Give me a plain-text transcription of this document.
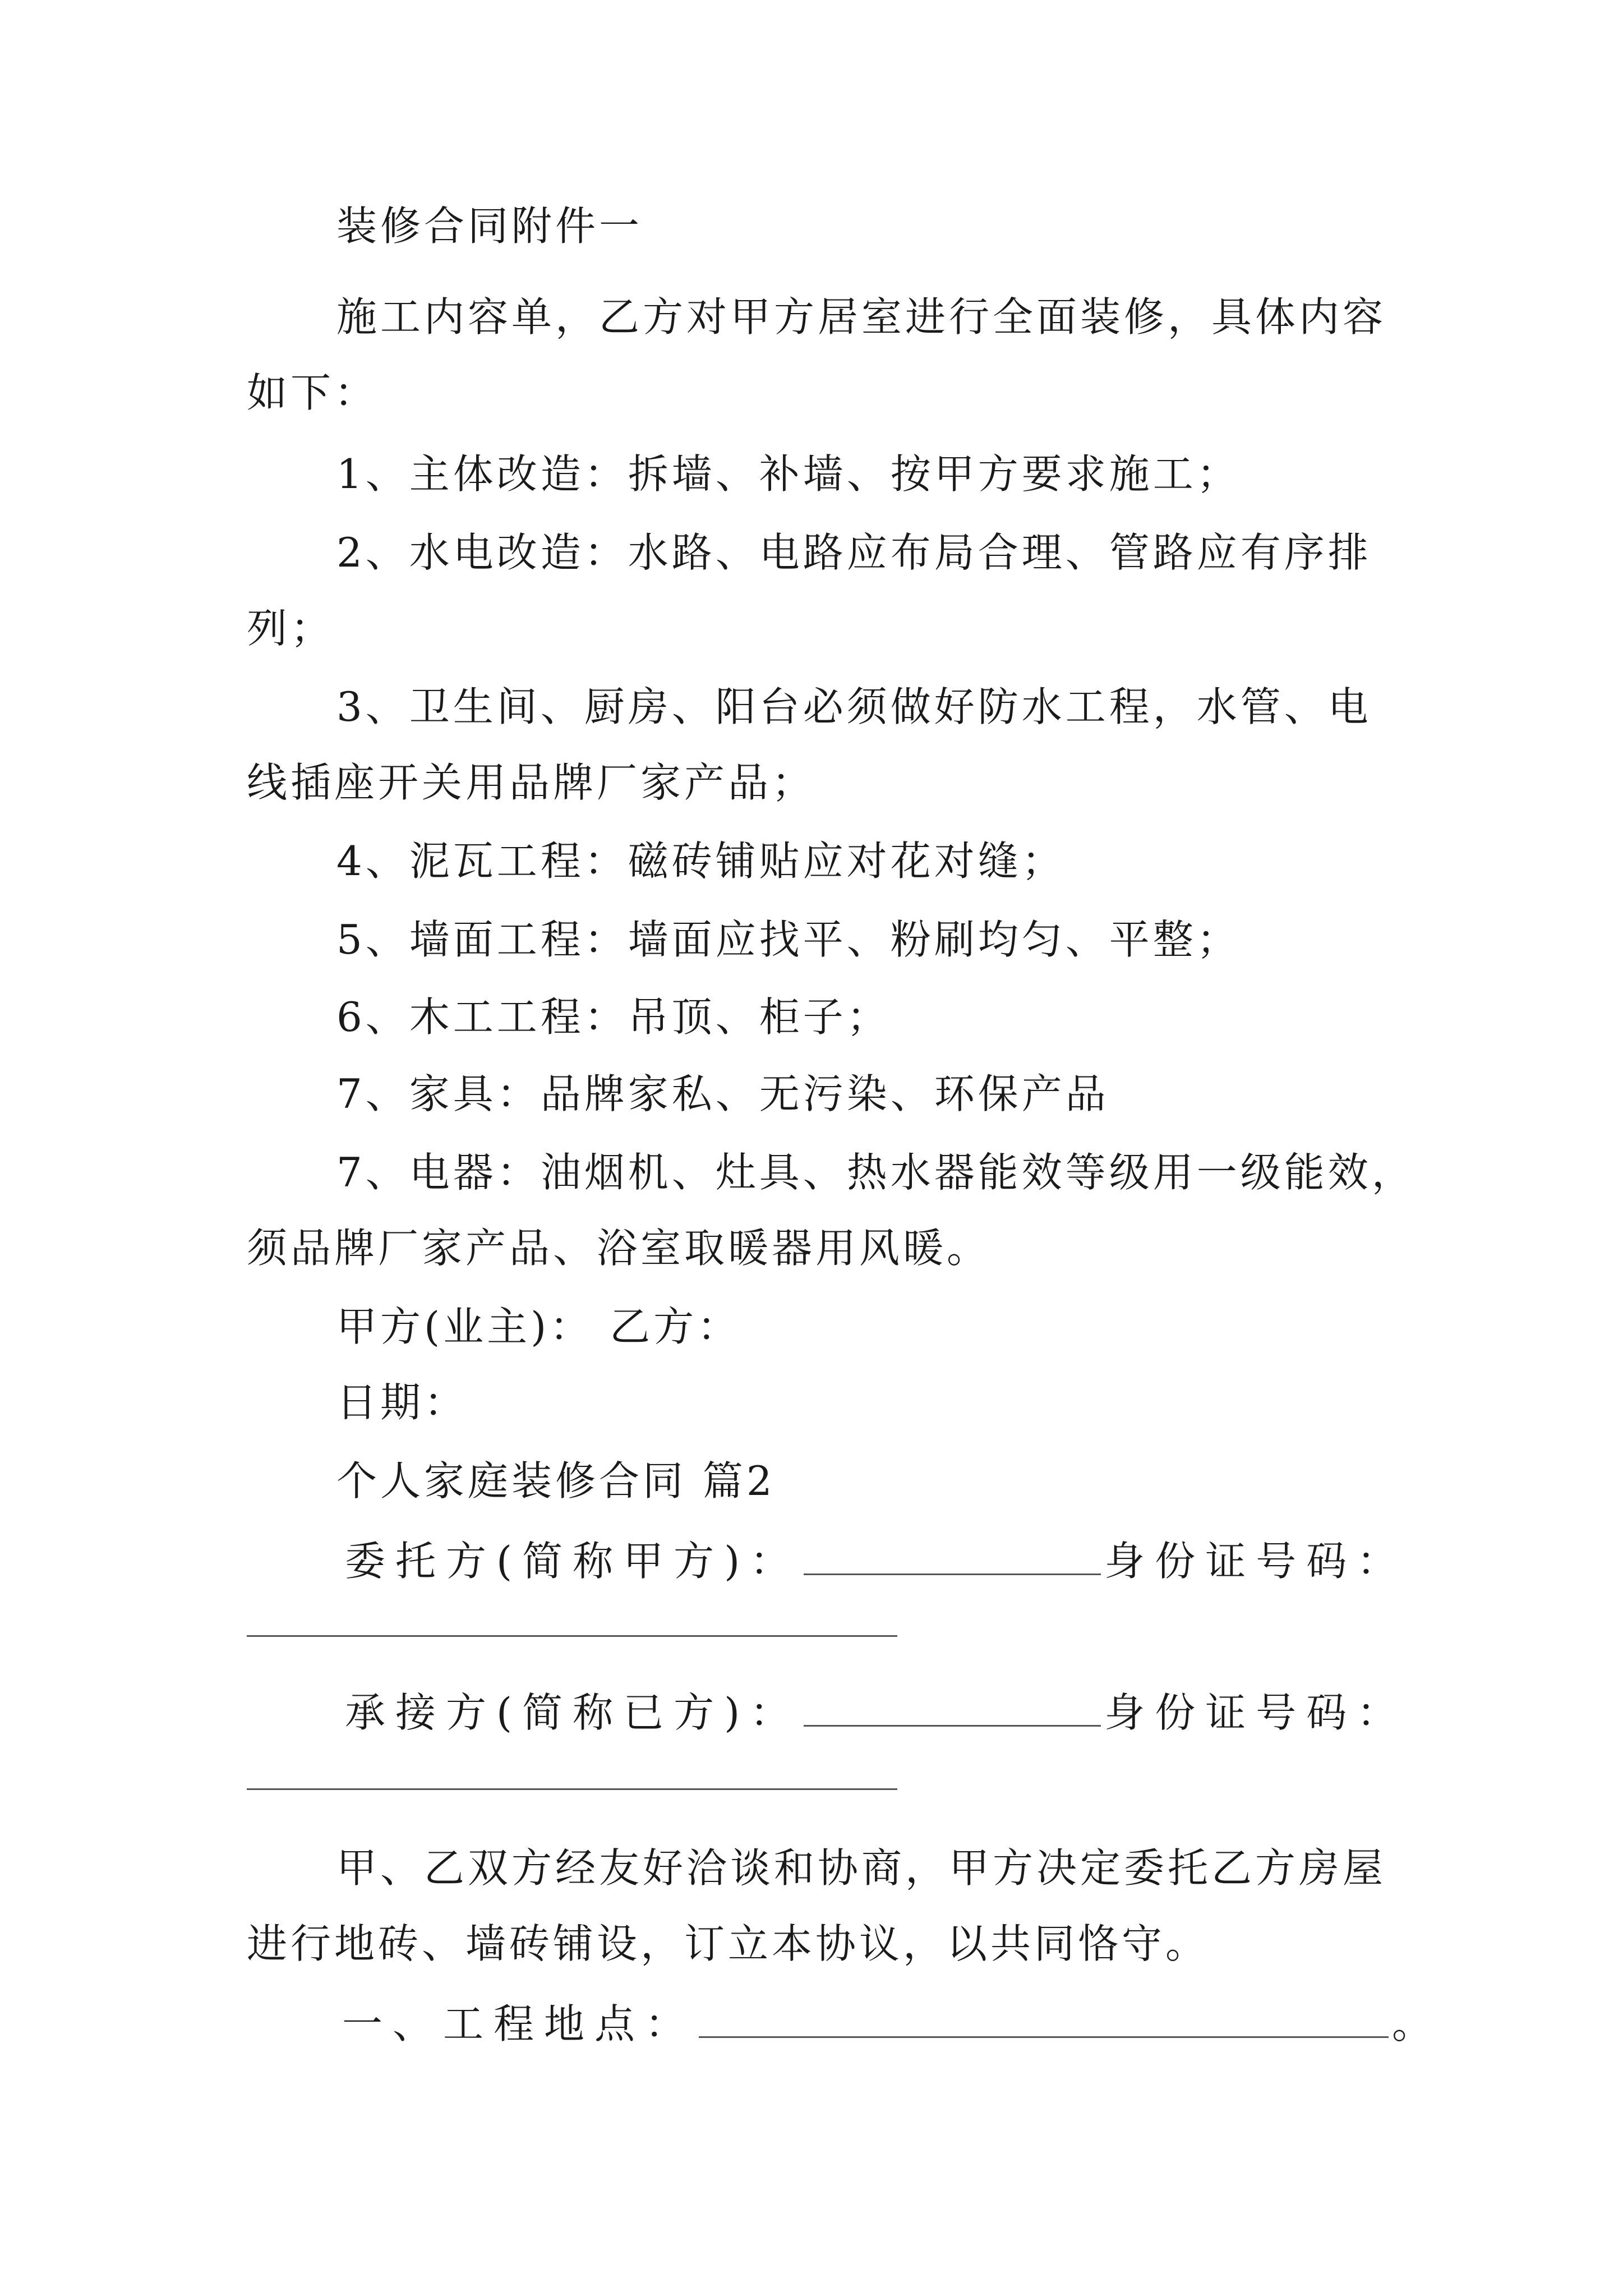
装修合同附件一
施工内容单，乙方对甲方居室进行全面装修，具体内容
如下：
1、主体改造：拆墙、补墙、按甲方要求施工；
2、水电改造：水路、电路应布局合理、管路应有序排
列；
3、卫生间、厨房、阳台必须做好防水工程，水管、电
线插座开关用品牌厂家产品；
4、泥瓦工程：磁砖铺贴应对花对缝；
5、墙面工程：墙面应找平、粉刷均匀、平整；
6、木工工程：吊顶、柜子；
7、家具：品牌家私、无污染、环保产品
7、电器：油烟机、灶具、热水器能效等级用一级能效，
须品牌厂家产品、浴室取暖器用风暖。
甲方(业主)： 乙方：
日期：
个人家庭装修合同 篇2
委托方(简称甲方)：	身份证号码：
承接方(简称已方)：	身份证号码：
甲、乙双方经友好洽谈和协商，甲方决定委托乙方房屋
进行地砖、墙砖铺设，订立本协议，以共同恪守。
一、工程地点：	。
